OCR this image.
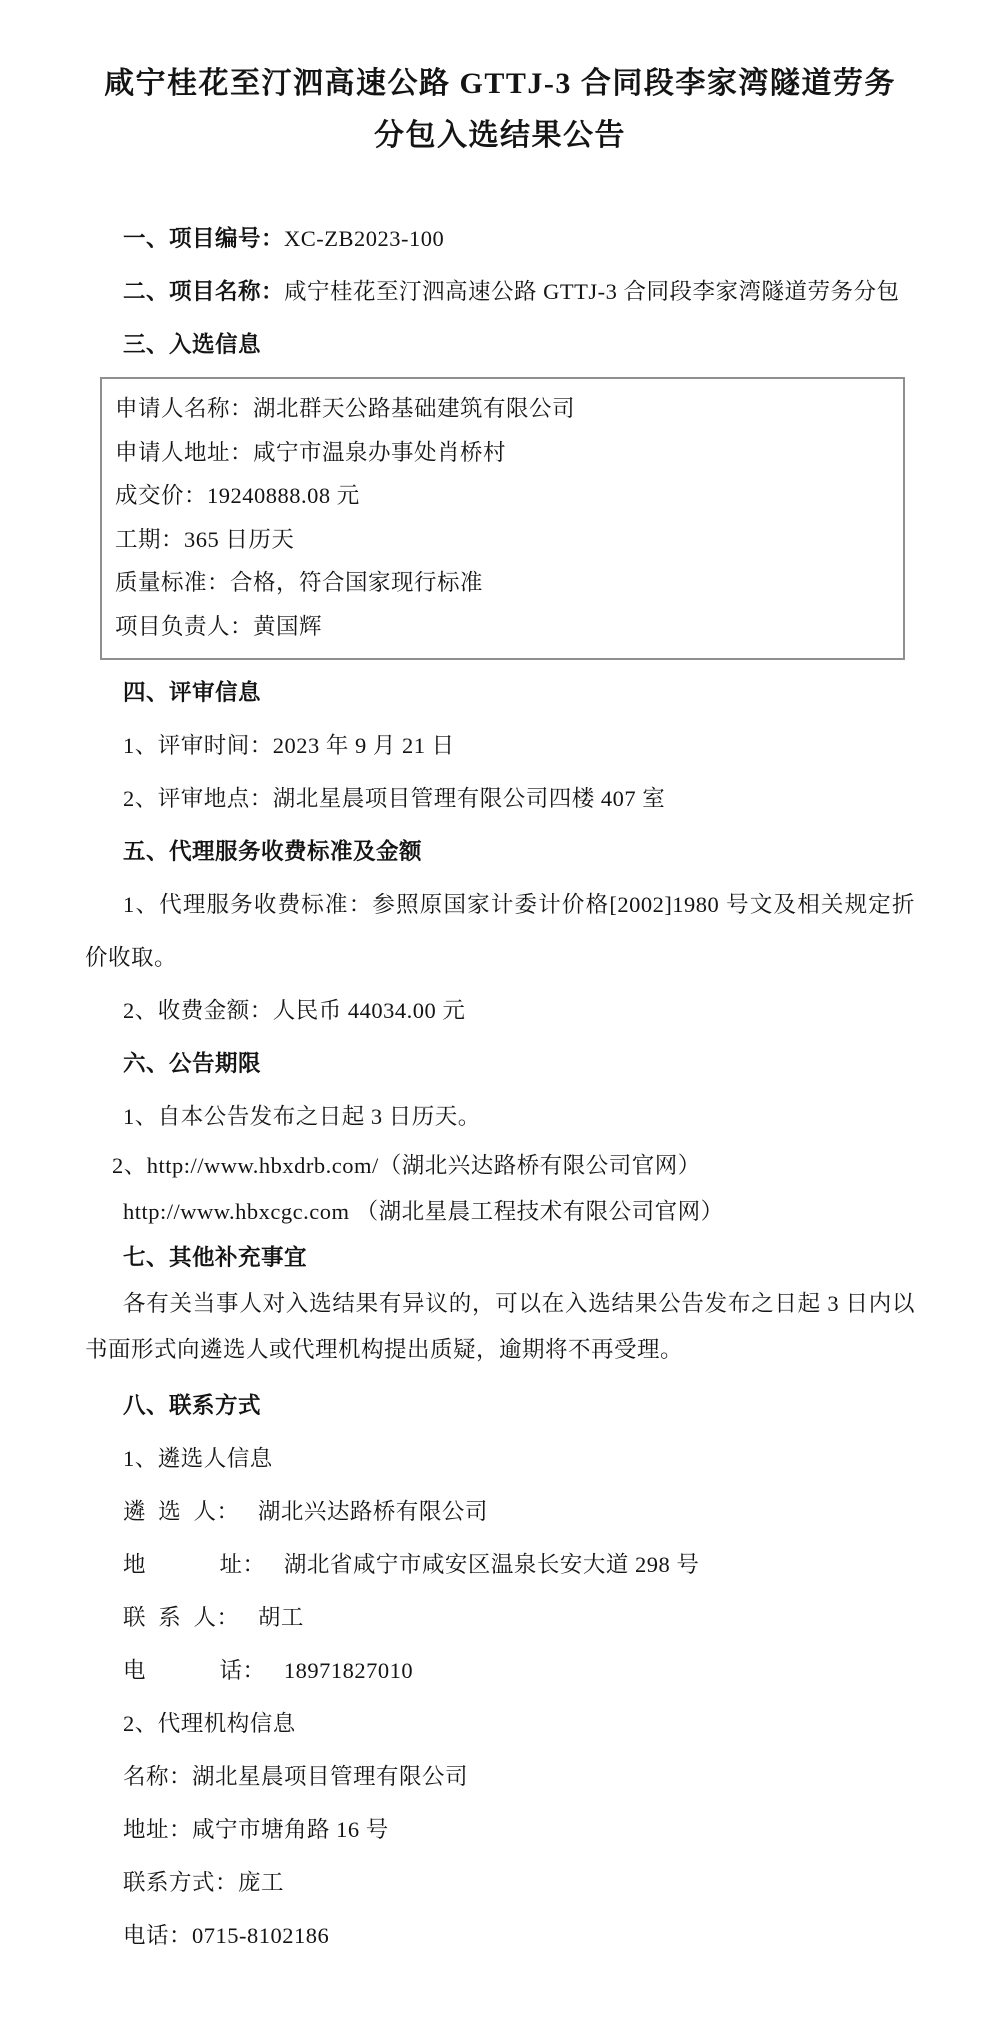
咸宁桂花至汀泗高速公路 GTTJ-3 合同段李家湾隧道劳务分包入选结果公告

一、项目编号：XC-ZB2023-100

二、项目名称：咸宁桂花至汀泗高速公路 GTTJ-3 合同段李家湾隧道劳务分包

三、入选信息

申请人名称：湖北群天公路基础建筑有限公司

申请人地址：咸宁市温泉办事处肖桥村

成交价：19240888.08 元

工期：365 日历天

质量标准：合格，符合国家现行标准

项目负责人：黄国辉

四、评审信息

1、评审时间：2023 年 9 月 21 日

2、评审地点：湖北星晨项目管理有限公司四楼 407 室

五、代理服务收费标准及金额

1、代理服务收费标准：参照原国家计委计价格[2002]1980 号文及相关规定折价收取。

2、收费金额：人民币 44034.00 元

六、公告期限

1、自本公告发布之日起 3 日历天。

2、http://www.hbxdrb.com/（湖北兴达路桥有限公司官网）

http://www.hbxcgc.com （湖北星晨工程技术有限公司官网）

七、其他补充事宜

各有关当事人对入选结果有异议的，可以在入选结果公告发布之日起 3 日内以书面形式向遴选人或代理机构提出质疑，逾期将不再受理。

八、联系方式

1、遴选人信息

遴  选  人：   湖北兴达路桥有限公司

地            址：   湖北省咸宁市咸安区温泉长安大道 298 号

联  系  人：   胡工

电            话：   18971827010

2、代理机构信息

名称：湖北星晨项目管理有限公司

地址：咸宁市塘角路 16 号

联系方式：庞工

电话：0715-8102186
